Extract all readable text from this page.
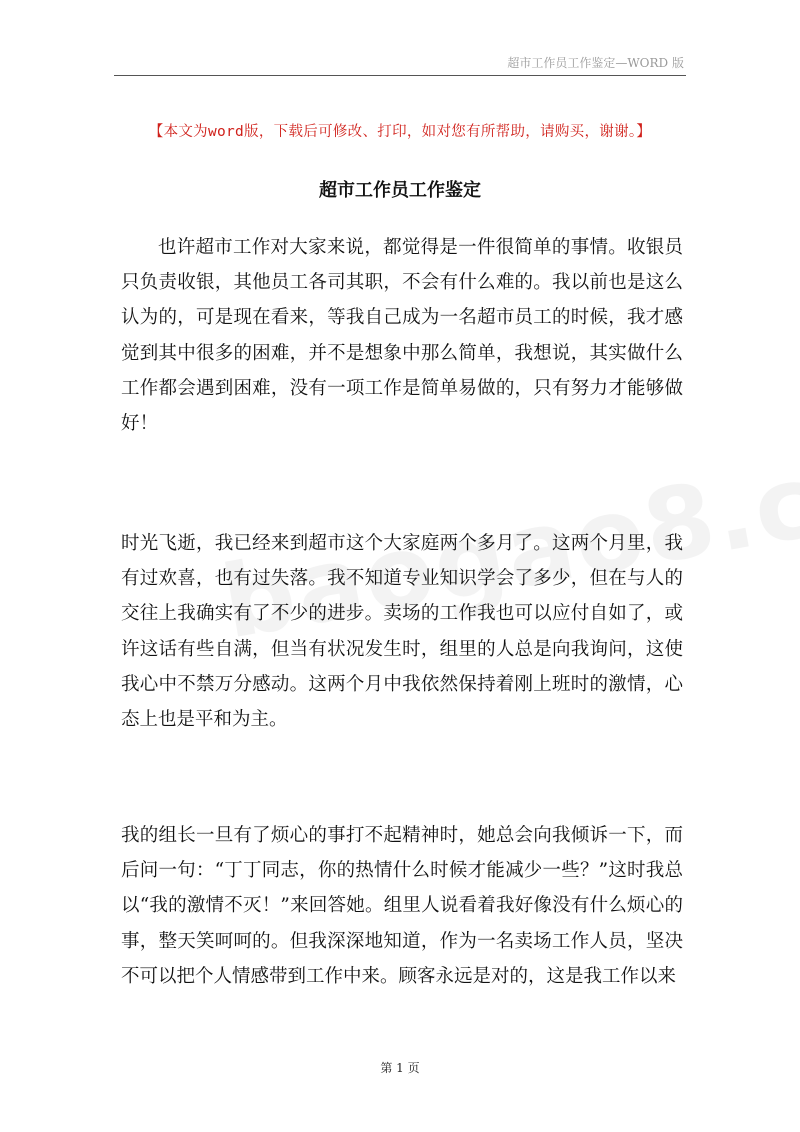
超市工作员工作鉴定—WORD 版
【本文为word版，下载后可修改、打印，如对您有所帮助，请购买，谢谢。】
超市工作员工作鉴定
也许超市工作对大家来说，都觉得是一件很简单的事情。收银员只负责收银，其他员工各司其职，不会有什么难的。我以前也是这么认为的，可是现在看来，等我自己成为一名超市员工的时候，我才感觉到其中很多的困难，并不是想象中那么简单，我想说，其实做什么工作都会遇到困难，没有一项工作是简单易做的，只有努力才能够做好！
时光飞逝，我已经来到超市这个大家庭两个多月了。这两个月里，我有过欢喜，也有过失落。我不知道专业知识学会了多少，但在与人的交往上我确实有了不少的进步。卖场的工作我也可以应付自如了，或许这话有些自满，但当有状况发生时，组里的人总是向我询问，这使我心中不禁万分感动。这两个月中我依然保持着刚上班时的激情，心态上也是平和为主。
我的组长一旦有了烦心的事打不起精神时，她总会向我倾诉一下，而后问一句：“丁丁同志，你的热情什么时候才能减少一些？”这时我总以“我的激情不灭！”来回答她。组里人说看着我好像没有什么烦心的事，整天笑呵呵的。但我深深地知道，作为一名卖场工作人员，坚决不可以把个人情感带到工作中来。顾客永远是对的，这是我工作以来
第 1 页
